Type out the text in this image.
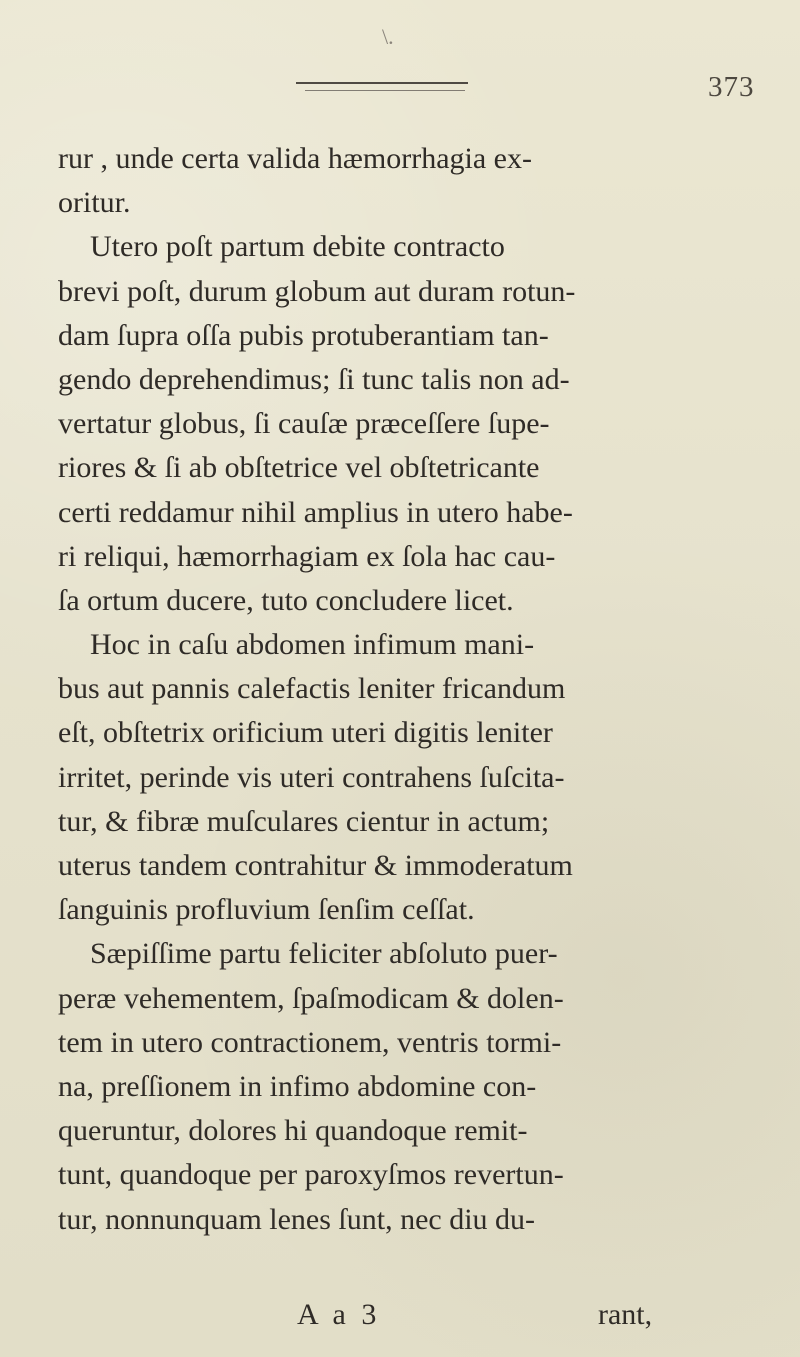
\.
373
rur , unde certa valida hæmorrhagia ex-
oritur.
Utero poſt partum debite contracto
brevi poſt, durum globum aut duram rotun-
dam ſupra oſſa pubis protuberantiam tan-
gendo deprehendimus; ſi tunc talis non ad-
vertatur globus, ſi cauſæ præceſſere ſupe-
riores & ſi ab obſtetrice vel obſtetricante
certi reddamur nihil amplius in utero habe-
ri reliqui, hæmorrhagiam ex ſola hac cau-
ſa ortum ducere, tuto concludere licet.
Hoc in caſu abdomen infimum mani-
bus aut pannis calefactis leniter fricandum
eſt, obſtetrix orificium uteri digitis leniter
irritet, perinde vis uteri contrahens ſuſcita-
tur, & fibræ muſculares cientur in actum;
uterus tandem contrahitur & immoderatum
ſanguinis profluvium ſenſim ceſſat.
Sæpiſſime partu feliciter abſoluto puer-
peræ vehementem, ſpaſmodicam & dolen-
tem in utero contractionem, ventris tormi-
na, preſſionem in infimo abdomine con-
queruntur, dolores hi quandoque remit-
tunt, quandoque per paroxyſmos revertun-
tur, nonnunquam lenes ſunt, nec diu du-
A a 3	rant,
